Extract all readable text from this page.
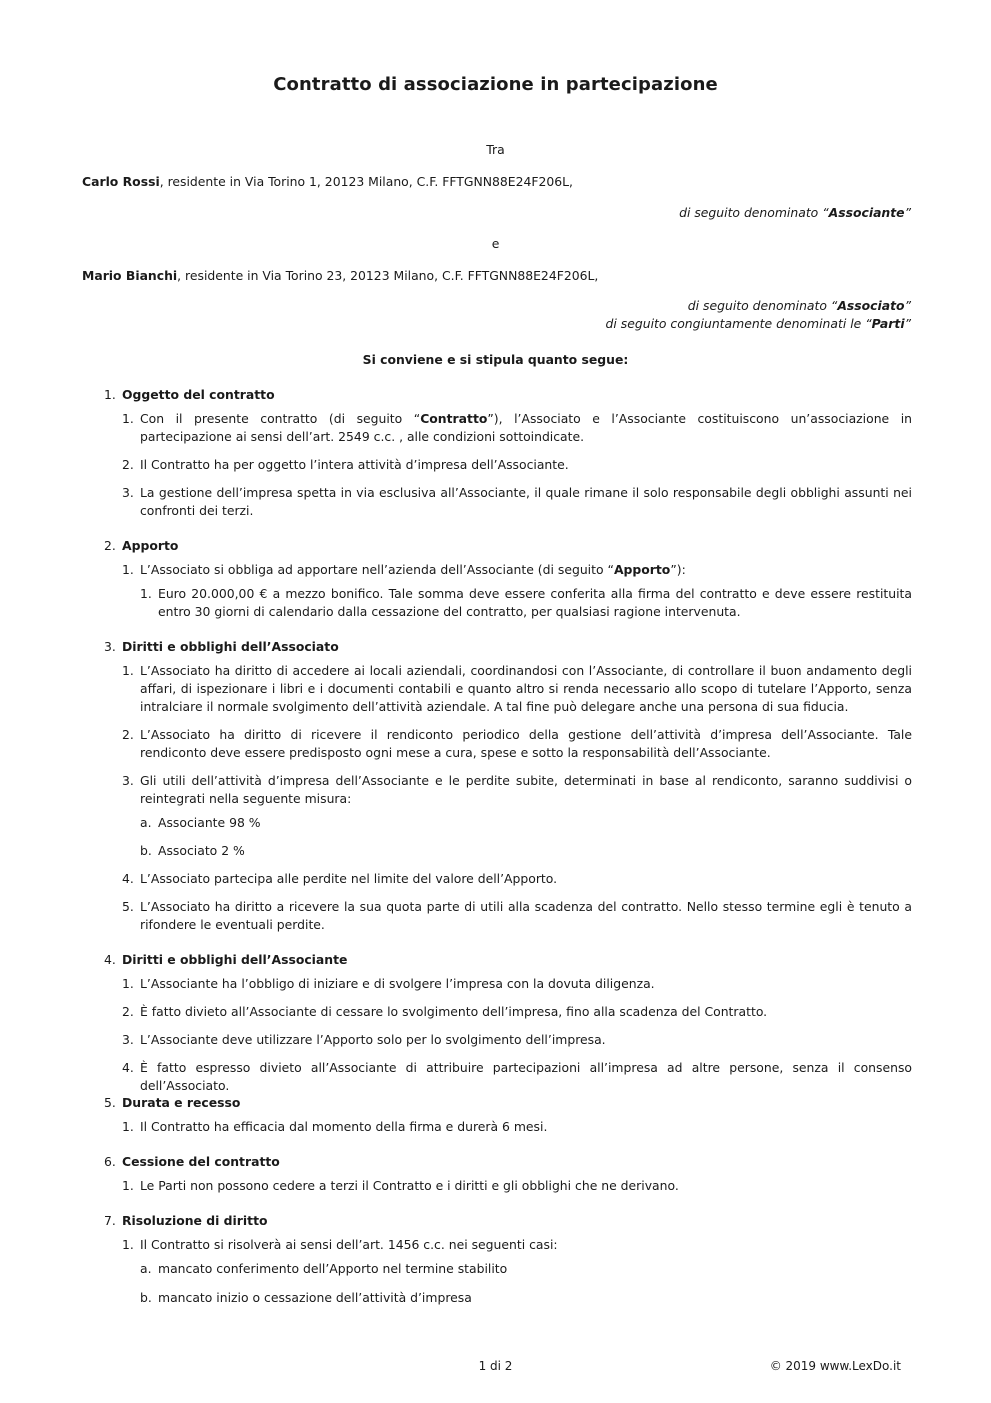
Contratto di associazione in partecipazione
Tra
Carlo Rossi, residente in Via Torino 1, 20123 Milano, C.F. FFTGNN88E24F206L,
di seguito denominato “Associante”
e
Mario Bianchi, residente in Via Torino 23, 20123 Milano, C.F. FFTGNN88E24F206L,
di seguito denominato “Associato”
di seguito congiuntamente denominati le “Parti”
Si conviene e si stipula quanto segue:
1. Oggetto del contratto
1. Con il presente contratto (di seguito “Contratto”), l’Associato e l’Associante costituiscono un’associazione in partecipazione ai sensi dell’art. 2549 c.c. , alle condizioni sottoindicate.
2. Il Contratto ha per oggetto l’intera attività d’impresa dell’Associante.
3. La gestione dell’impresa spetta in via esclusiva all’Associante, il quale rimane il solo responsabile degli obblighi assunti nei confronti dei terzi.
2. Apporto
1. L’Associato si obbliga ad apportare nell’azienda dell’Associante (di seguito “Apporto”):
1. Euro 20.000,00 € a mezzo bonifico. Tale somma deve essere conferita alla firma del contratto e deve essere restituita entro 30 giorni di calendario dalla cessazione del contratto, per qualsiasi ragione intervenuta.
3. Diritti e obblighi dell’Associato
1. L’Associato ha diritto di accedere ai locali aziendali, coordinandosi con l’Associante, di controllare il buon andamento degli affari, di ispezionare i libri e i documenti contabili e quanto altro si renda necessario allo scopo di tutelare l’Apporto, senza intralciare il normale svolgimento dell’attività aziendale. A tal fine può delegare anche una persona di sua fiducia.
2. L’Associato ha diritto di ricevere il rendiconto periodico della gestione dell’attività d’impresa dell’Associante. Tale rendiconto deve essere predisposto ogni mese a cura, spese e sotto la responsabilità dell’Associante.
3. Gli utili dell’attività d’impresa dell’Associante e le perdite subite, determinati in base al rendiconto, saranno suddivisi o reintegrati nella seguente misura:
a. Associante 98 %
b. Associato 2 %
4. L’Associato partecipa alle perdite nel limite del valore dell’Apporto.
5. L’Associato ha diritto a ricevere la sua quota parte di utili alla scadenza del contratto. Nello stesso termine egli è tenuto a rifondere le eventuali perdite.
4. Diritti e obblighi dell’Associante
1. L’Associante ha l’obbligo di iniziare e di svolgere l’impresa con la dovuta diligenza.
2. È fatto divieto all’Associante di cessare lo svolgimento dell’impresa, fino alla scadenza del Contratto.
3. L’Associante deve utilizzare l’Apporto solo per lo svolgimento dell’impresa.
4. È fatto espresso divieto all’Associante di attribuire partecipazioni all’impresa ad altre persone, senza il consenso dell’Associato.
5. Durata e recesso
1. Il Contratto ha efficacia dal momento della firma e durerà 6 mesi.
6. Cessione del contratto
1. Le Parti non possono cedere a terzi il Contratto e i diritti e gli obblighi che ne derivano.
7. Risoluzione di diritto
1. Il Contratto si risolverà ai sensi dell’art. 1456 c.c. nei seguenti casi:
a. mancato conferimento dell’Apporto nel termine stabilito
b. mancato inizio o cessazione dell’attività d’impresa
1 di 2	© 2019 www.LexDo.it
